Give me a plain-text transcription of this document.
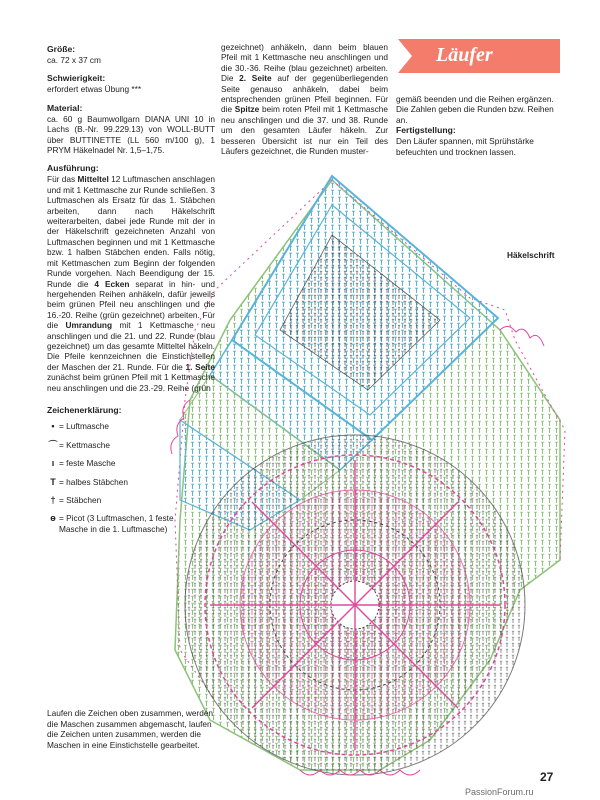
Läufer
Größe:

ca. 72 x 37 cm

Schwierigkeit:

erfordert etwas Übung ***

Material:

ca. 60 g Baumwollgarn DIANA UNI 10 in Lachs (B.-Nr. 99.229.13) von WOLL-BUTT über BUTTINETTE (LL 560 m/100 g), 1 PRYM Häkelnadel Nr. 1,5–1,75.

Ausführung:

Für das Mitteltel 12 Luftmaschen anschlagen und mit 1 Kettmasche zur Runde schließen. 3 Luftmaschen als Ersatz für das 1. Stäbchen arbeiten, dann nach Häkelschrift weiterarbeiten, dabei jede Runde mit der in der Häkelschrift gezeichneten Anzahl von Luftmaschen beginnen und mit 1 Kettmasche bzw. 1 halben Stäbchen enden. Falls nötig, mit Kettmaschen zum Beginn der folgenden Runde vorgehen. Nach Beendigung der 15. Runde die 4 Ecken separat in hin- und hergehenden Reihen anhäkeln, dafür jeweils beim grünen Pfeil neu anschlingen und die 16.-20. Reihe (grün gezeichnet) arbeiten. Für die Umrandung mit 1 Kettmasche neu anschlingen und die 21. und 22. Runde (blau gezeichnet) um das gesamte Mitteltel häkeln. Die Pfeile kennzeichnen die Einstichstellen der Maschen der 21. Runde. Für die 1. Seite zunächst beim grünen Pfeil mit 1 Kettmasche neu anschlingen und die 23.-29. Reihe (grün

gezeichnet) anhäkeln, dann beim blauen Pfeil mit 1 Kettmasche neu anschlingen und die 30.-36. Reihe (blau gezeichnet) arbeiten. Die 2. Seite auf der gegenüberliegenden Seite genauso anhäkeln, dabei beim entsprechenden grünen Pfeil beginnen. Für die Spitze beim roten Pfeil mit 1 Kettmasche neu anschlingen und die 37. und 38. Runde um den gesamten Läufer häkeln. Zur besseren Übersicht ist nur ein Teil des Läufers gezeichnet, die Runden muster-

gemäß beenden und die Reihen ergänzen. Die Zahlen geben die Runden bzw. Reihen an.

Fertigstellung:

Den Läufer spannen, mit Sprühstärke befeuchten und trocknen lassen.

Häkelschrift
Zeichenerklärung:
• = Luftmasche
⌒ = Kettmasche
ı = feste Masche
T = halbes Stäbchen
† = Stäbchen
ɵ = Picot (3 Luftmaschen, 1 feste Masche in die 1. Luftmasche)
Laufen die Zeichen oben zusammen, werden die Maschen zusammen abgemascht, laufen die Zeichen unten zusammen, werden die Maschen in eine Einstichstelle gearbeitet.
27
PassionForum.ru
